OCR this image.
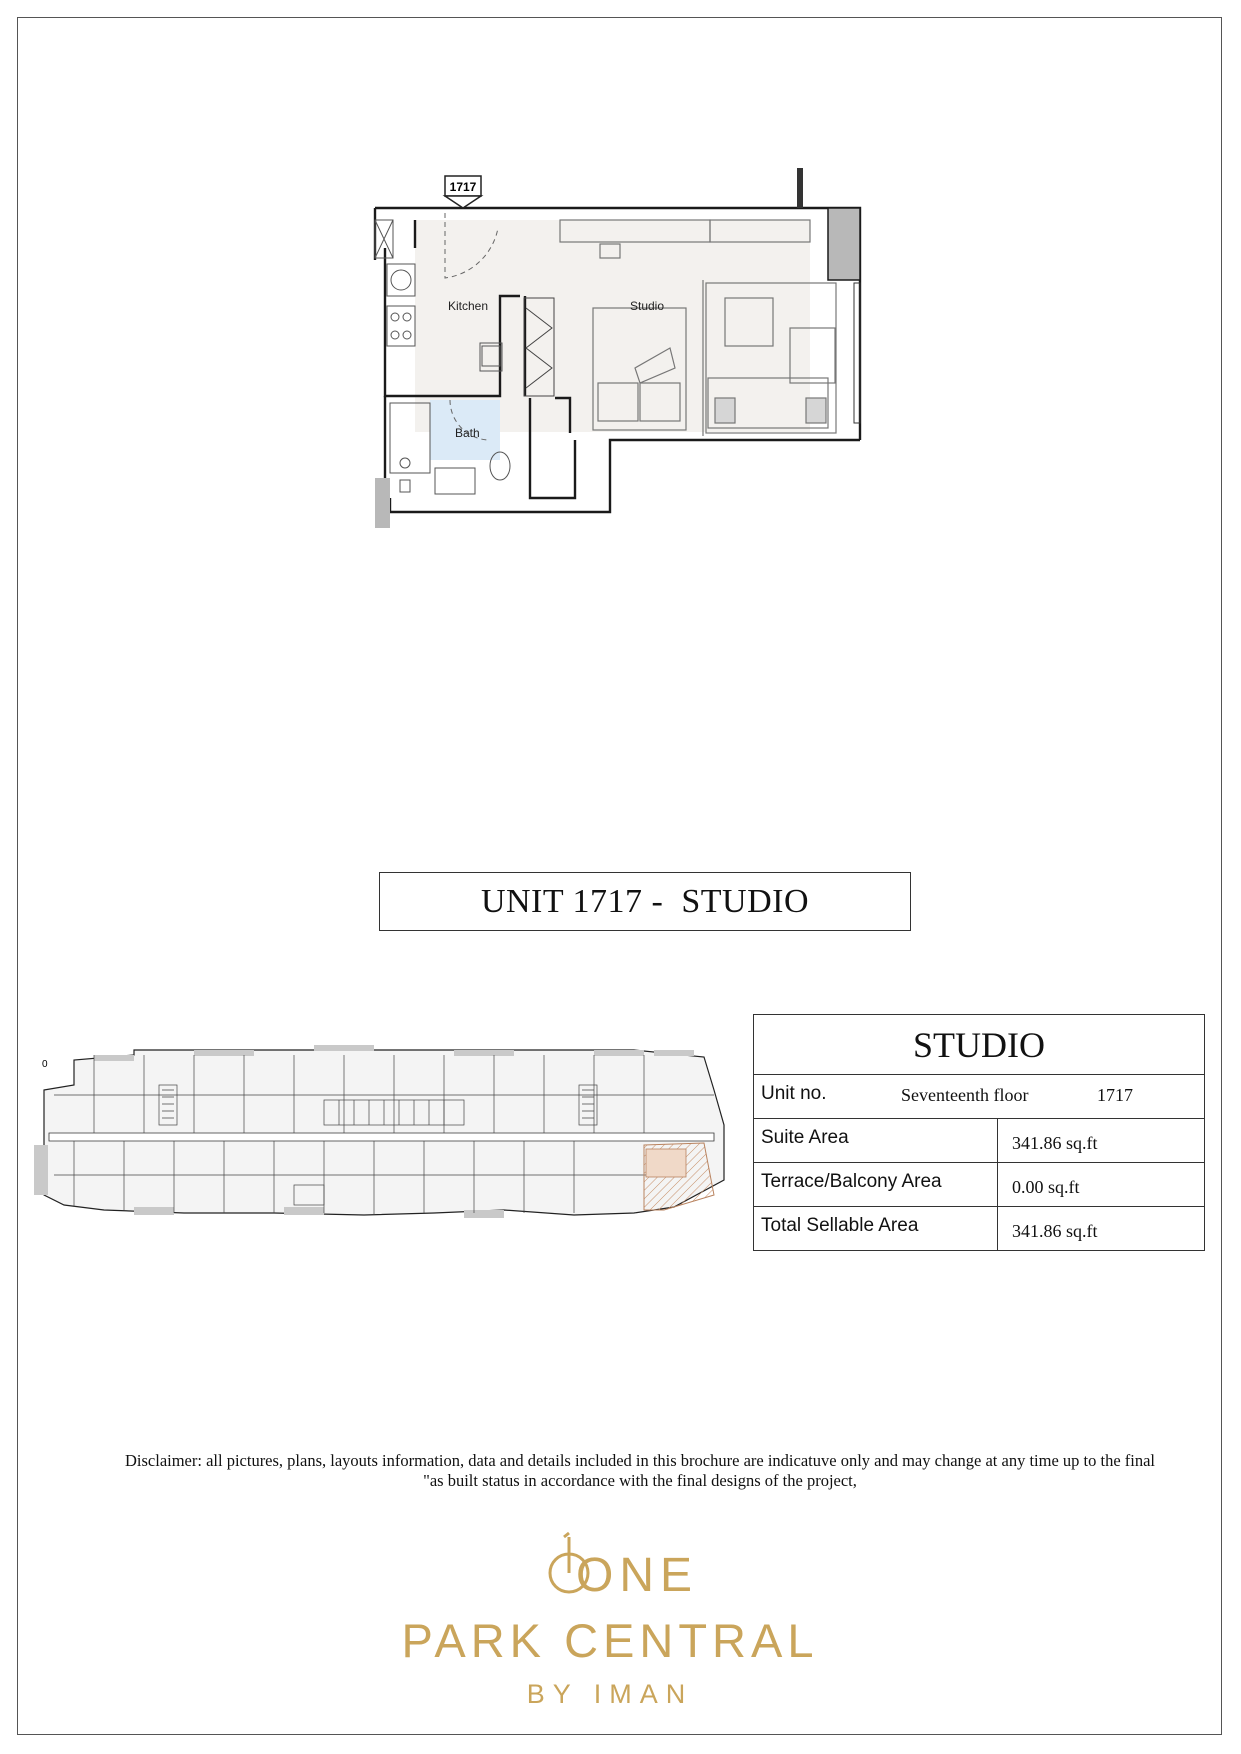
1717
Kitchen	Studio
Bath
UNIT 1717 -  STUDIO
0	STUDIO
Unit no.	Seventeenth floor	1717
Suite Area	341.86 sq.ft
Terrace/Balcony Area	0.00 sq.ft
Total Sellable Area	341.86 sq.ft
Disclaimer: all pictures, plans, layouts information, data and details included in this brochure are indicatuve only and may change at any time up to the final
"as built status in accordance with the final designs of the project,
ONE
PARK CENTRAL
BY IMAN
